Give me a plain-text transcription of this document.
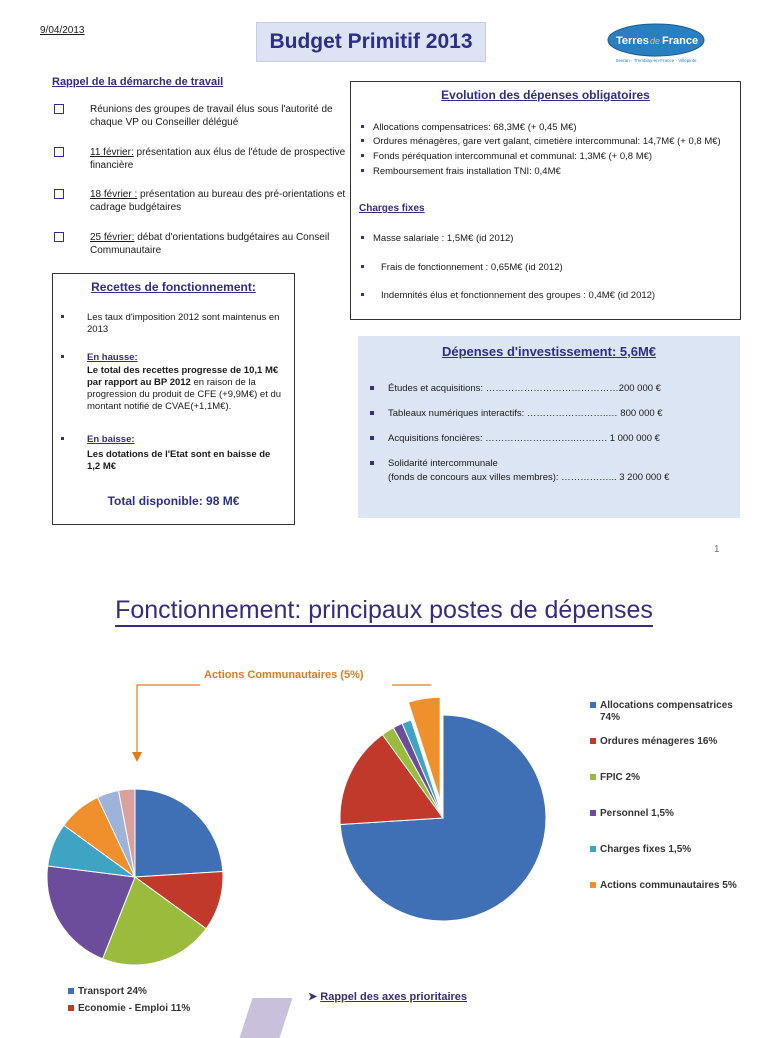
9/04/2013	Budget Primitif 2013	Terres de France
Sevran - Tremblay-en-France - Villepinte
Rappel de la démarche de travail
Réunions des groupes de travail élus sous l'autorité de chaque VP ou Conseiller délégué
11 février: présentation aux élus de l'étude de prospective financière
18 février : présentation au bureau des pré-orientations et cadrage budgétaires
25 février: débat d'orientations budgétaires au Conseil Communautaire
Recettes de fonctionnement:
Les taux d'imposition 2012 sont maintenus en 2013
En hausse:
Le total des recettes progresse de 10,1 M€ par rapport au BP 2012 en raison de la progression du produit de CFE (+9,9M€) et du montant notifié de CVAE(+1,1M€).
En baisse:
Les dotations de l'Etat sont en baisse de 1,2 M€
Total disponible: 98 M€
Evolution des dépenses obligatoires
Allocations compensatrices: 68,3M€ (+ 0,45 M€)
Ordures ménagères, gare vert galant, cimetière intercommunal: 14,7M€ (+ 0,8 M€)
Fonds péréquation intercommunal et communal: 1,3M€ (+ 0,8 M€)
Remboursement frais installation TNI: 0,4M€
Charges fixes
Masse salariale : 1,5M€ (id 2012)
Frais de fonctionnement : 0,65M€ (id 2012)
Indemnités élus et fonctionnement des groupes : 0,4M€ (id 2012)
Dépenses d'investissement: 5,6M€
Études et acquisitions: ……………………………………200 000 €
Tableaux numériques interactifs: ……………………..… 800 000 €
Acquisitions foncières: ………………………..………. 1 000 000 €
Solidarité intercommunale
(fonds de concours aux villes membres): ……………... 3 200 000 €
1
Fonctionnement: principaux postes de dépenses
Actions Communautaires (5%)
Allocations compensatrices 74%
Ordures ménageres 16%
FPIC 2%
Personnel 1,5%
Charges fixes 1,5%
Actions communautaires 5%
Transport 24%
Economie - Emploi 11%
➤ Rappel des axes prioritaires
